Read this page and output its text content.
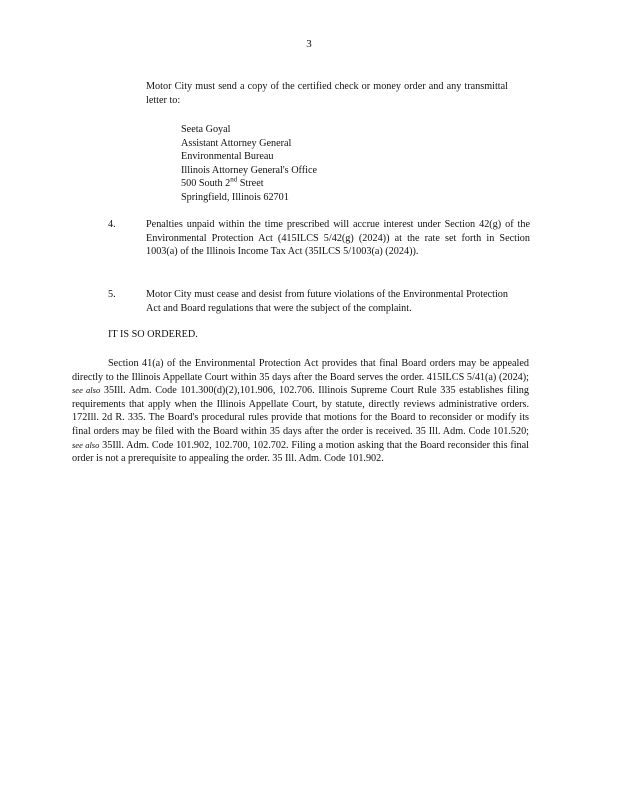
3

Motor City must send a copy of the certified check or money order and any transmittal letter to:

Seeta Goyal
Assistant Attorney General
Environmental Bureau
Illinois Attorney General's Office
500 South 2nd Street
Springfield, Illinois 62701
4.	Penalties unpaid within the time prescribed will accrue interest under Section 42(g) of the Environmental Protection Act (415ILCS 5/42(g) (2024)) at the rate set forth in Section 1003(a) of the Illinois Income Tax Act (35ILCS 5/1003(a) (2024)).

5.	Motor City must cease and desist from future violations of the Environmental Protection Act and Board regulations that were the subject of the complaint.

IT IS SO ORDERED.

Section 41(a) of the Environmental Protection Act provides that final Board orders may be appealed directly to the Illinois Appellate Court within 35 days after the Board serves the order. 415ILCS 5/41(a) (2024); see also 35Ill. Adm. Code 101.300(d)(2),101.906, 102.706. Illinois Supreme Court Rule 335 establishes filing requirements that apply when the Illinois Appellate Court, by statute, directly reviews administrative orders. 172Ill. 2d R. 335. The Board's procedural rules provide that motions for the Board to reconsider or modify its final orders may be filed with the Board within 35 days after the order is received. 35 Ill. Adm. Code 101.520; see also 35Ill. Adm. Code 101.902, 102.700, 102.702. Filing a motion asking that the Board reconsider this final order is not a prerequisite to appealing the order. 35 Ill. Adm. Code 101.902.
